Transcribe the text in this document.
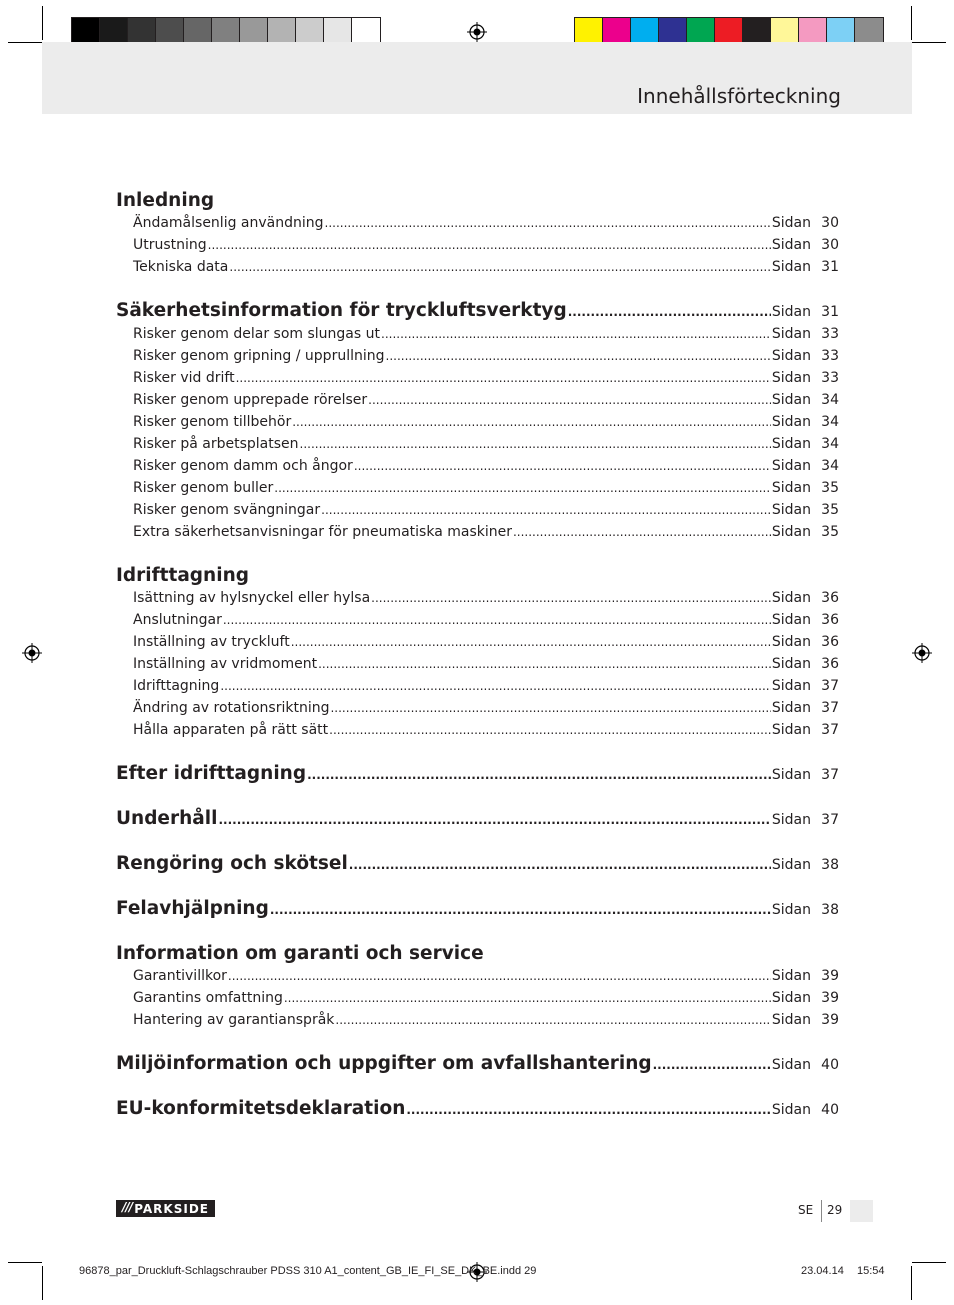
Innehållsförteckning
Inledning
Ändamålsenlig användning .....	Sidan 30
Utrustning .....	Sidan 30
Tekniska data .....	Sidan 31
Säkerhetsinformation för tryckluftsverktyg .....	Sidan 31
Risker genom delar som slungas ut .....	Sidan 33
Risker genom gripning / upprullning .....	Sidan 33
Risker vid drift .....	Sidan 33
Risker genom upprepade rörelser .....	Sidan 34
Risker genom tillbehör .....	Sidan 34
Risker på arbetsplatsen .....	Sidan 34
Risker genom damm och ångor .....	Sidan 34
Risker genom buller .....	Sidan 35
Risker genom svängningar .....	Sidan 35
Extra säkerhetsanvisningar för pneumatiska maskiner .....	Sidan 35
Idrifttagning
Isättning av hylsnyckel eller hylsa .....	Sidan 36
Anslutningar .....	Sidan 36
Inställning av tryckluft .....	Sidan 36
Inställning av vridmoment .....	Sidan 36
Idrifttagning .....	Sidan 37
Ändring av rotationsriktning .....	Sidan 37
Hålla apparaten på rätt sätt .....	Sidan 37
Efter idrifttagning .....	Sidan 37
Underhåll .....	Sidan 37
Rengöring och skötsel .....	Sidan 38
Felavhjälpning .....	Sidan 38
Information om garanti och service
Garantivillkor .....	Sidan 39
Garantins omfattning .....	Sidan 39
Hantering av garantianspråk .....	Sidan 39
Miljöinformation och uppgifter om avfallshantering .....	Sidan 40
EU-konformitetsdeklaration .....	Sidan 40
/// PARKSIDE	SE 29
96878_par_Druckluft-Schlagschrauber PDSS 310 A1_content_GB_IE_FI_SE_DK_BE.indd 29	23.04.14 15:54
